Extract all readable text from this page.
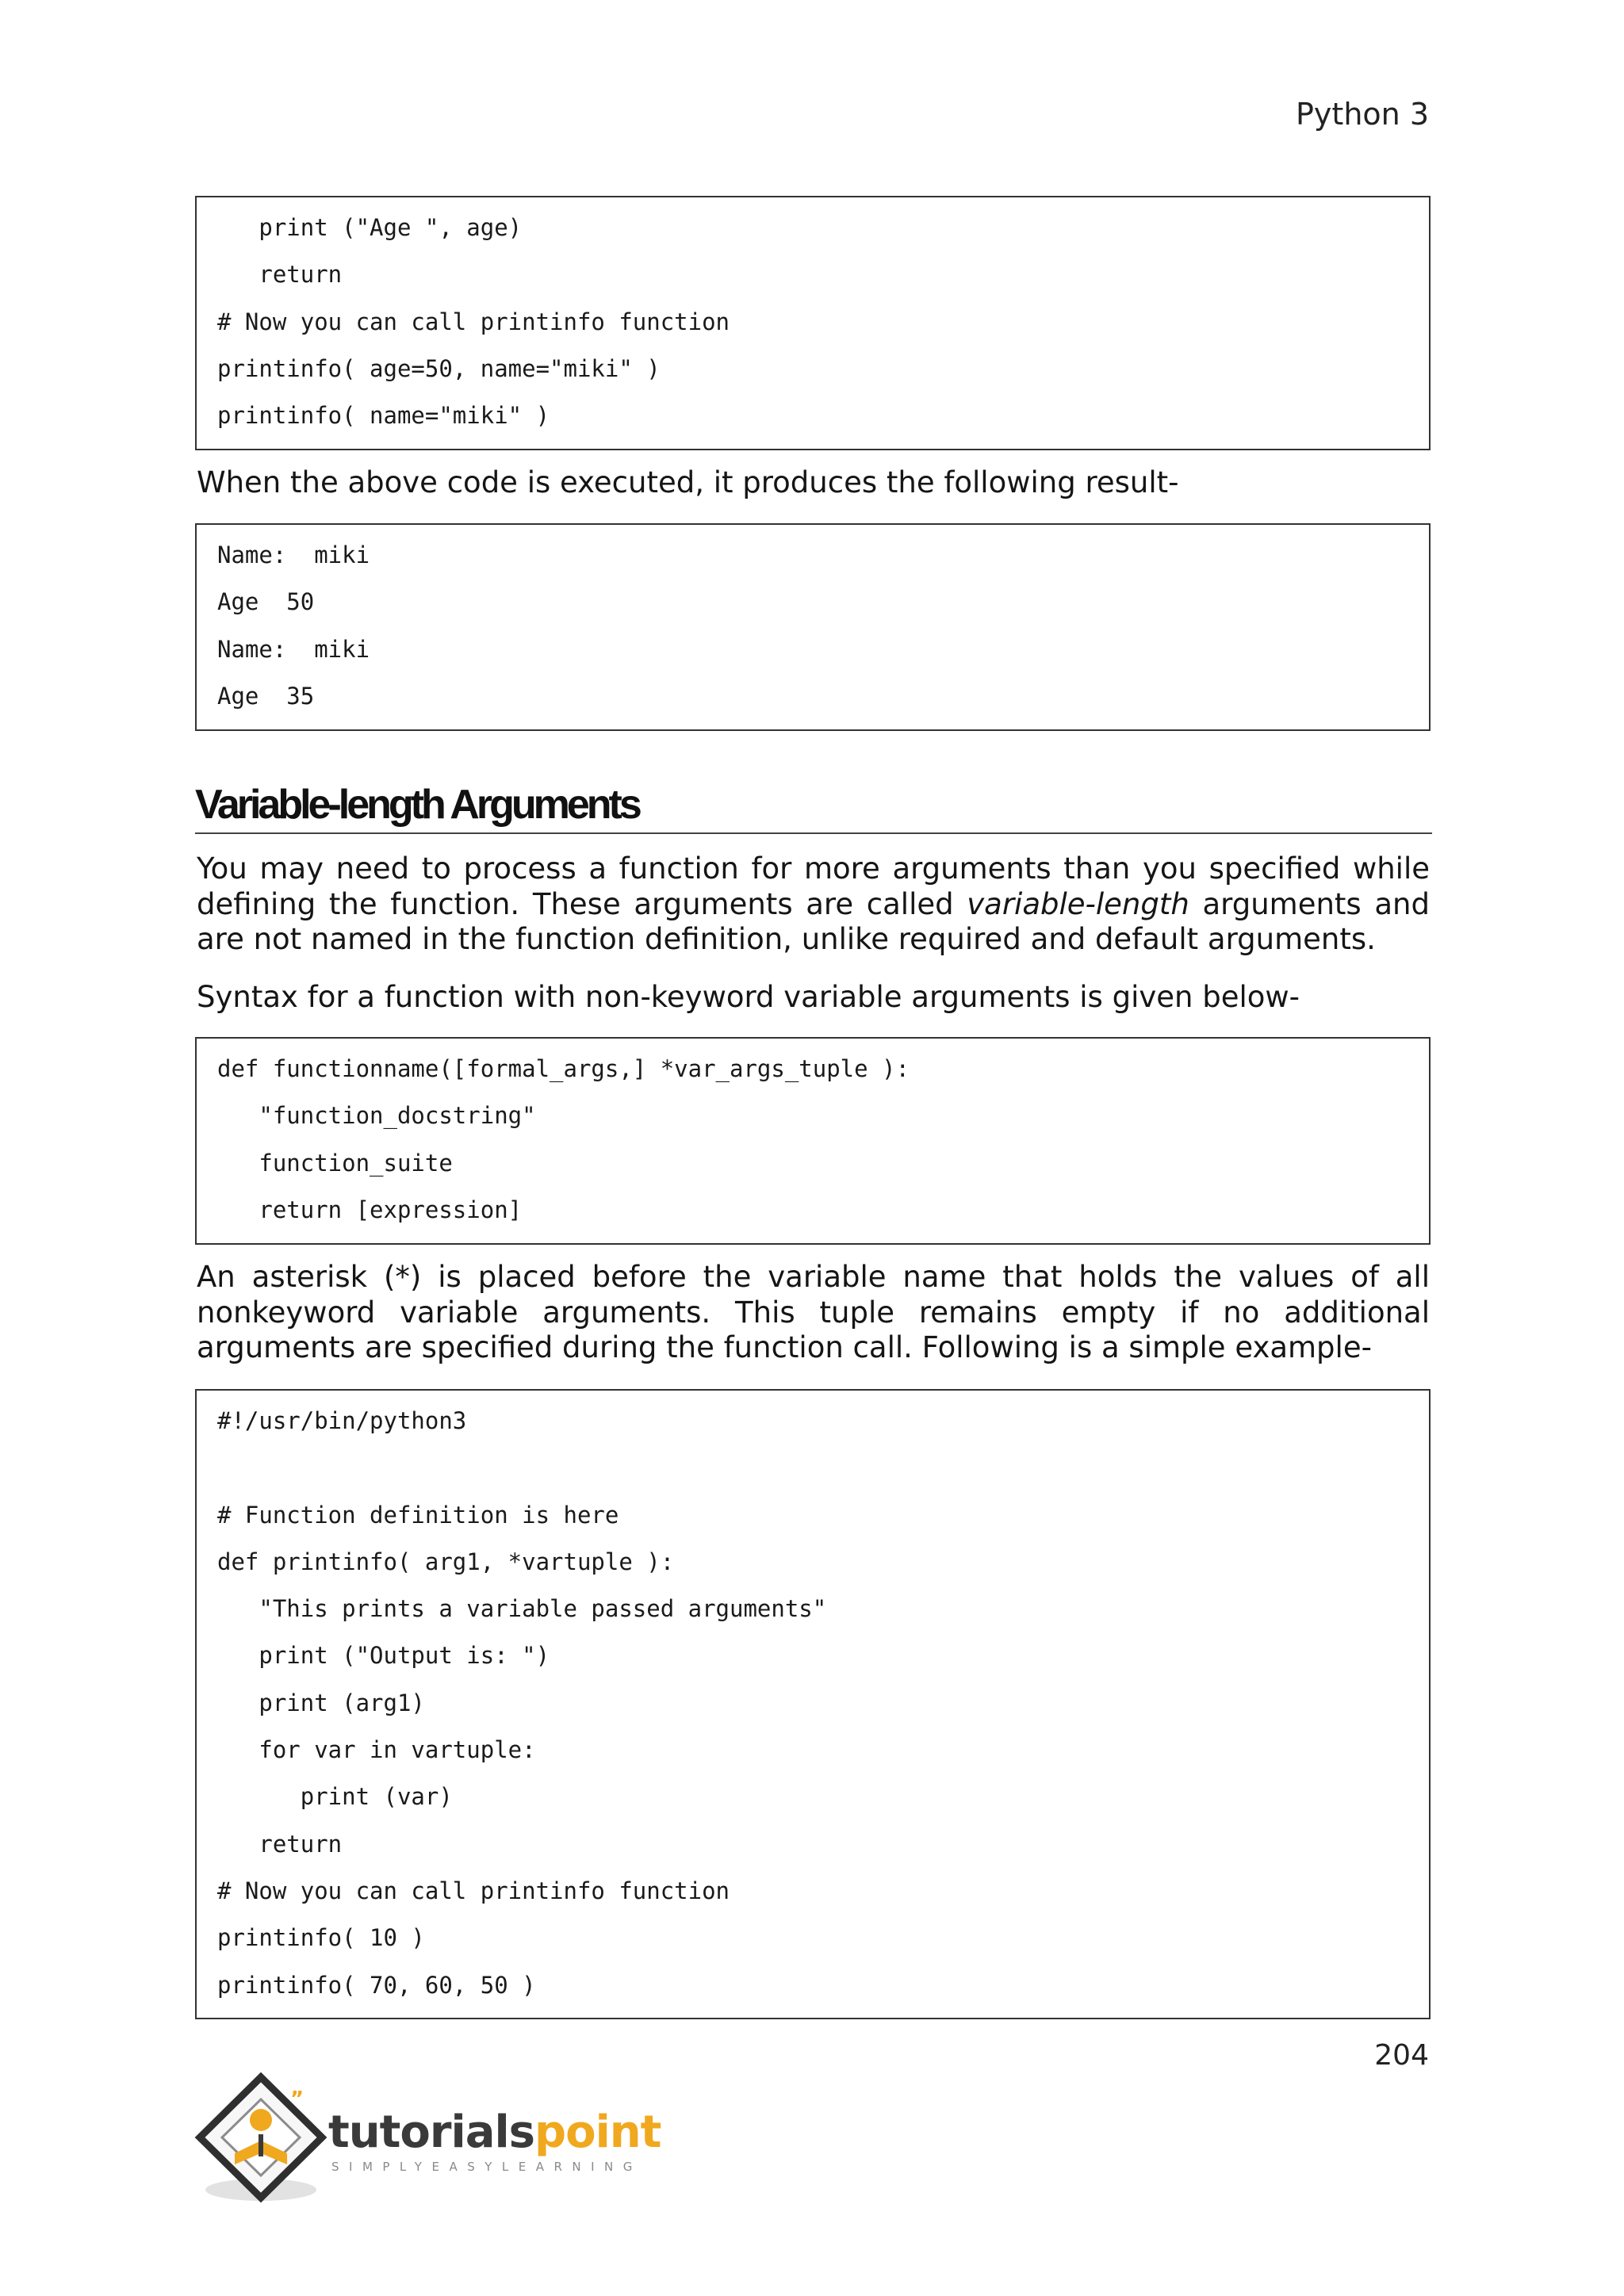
Python 3
print ("Age ", age)
return
# Now you can call printinfo function
printinfo( age=50, name="miki" )
printinfo( name="miki" )

When the above code is executed, it produces the following result-

Name:  miki
Age  50
Name:  miki
Age  35
Variable-length Arguments

You may need to process a function for more arguments than you specified while defining the function. These arguments are called variable-length arguments and are not named in the function definition, unlike required and default arguments.

Syntax for a function with non-keyword variable arguments is given below-

def functionname([formal_args,] *var_args_tuple ):
"function_docstring"
function_suite
return [expression]

An asterisk (*) is placed before the variable name that holds the values of all nonkeyword variable arguments. This tuple remains empty if no additional arguments are specified during the function call. Following is a simple example-

#!/usr/bin/python3
# Function definition is here
def printinfo( arg1, *vartuple ):
"This prints a variable passed arguments"
print ("Output is: ")
print (arg1)
for var in vartuple:
print (var)
return
# Now you can call printinfo function
printinfo( 10 )
printinfo( 70, 60, 50 )
204
”
tutorialspoint
SIMPLYEASYLEARNING
